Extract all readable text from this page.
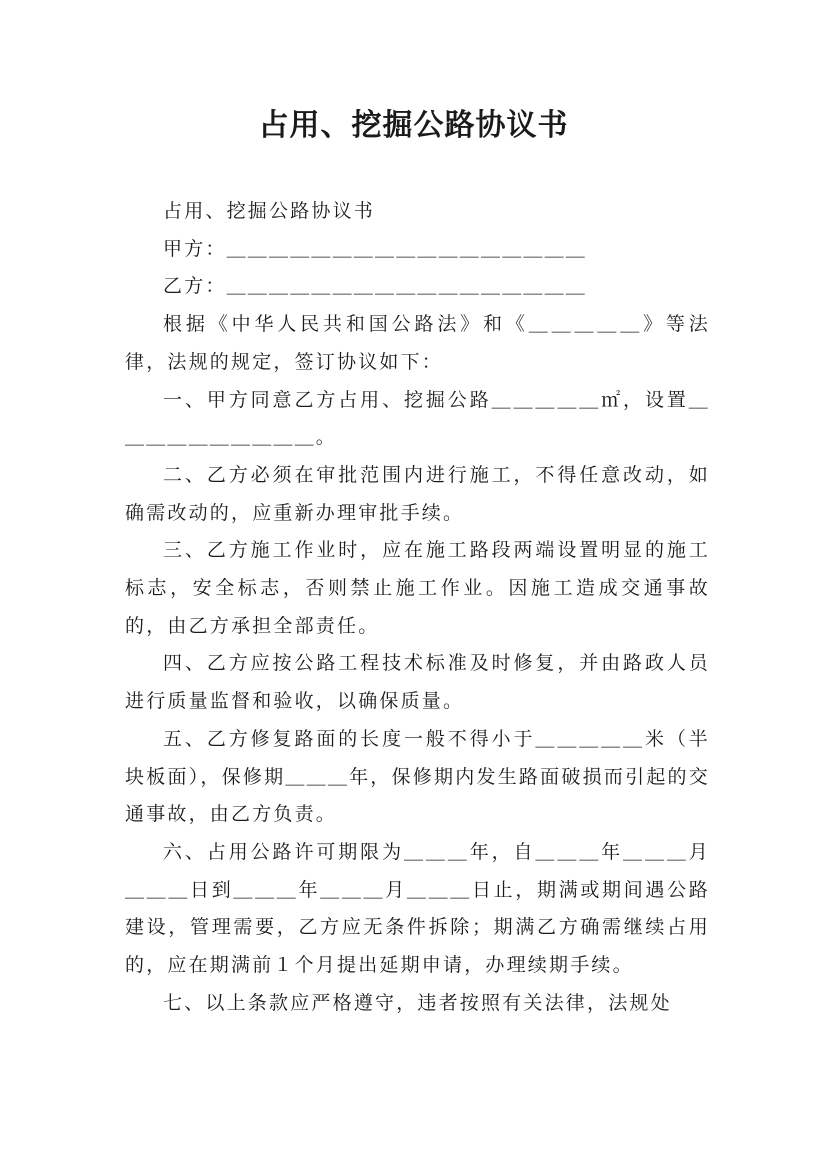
占用、挖掘公路协议书

占用、挖掘公路协议书

甲方：＿＿＿＿＿＿＿＿＿＿＿＿＿＿＿＿＿

乙方：＿＿＿＿＿＿＿＿＿＿＿＿＿＿＿＿＿

根据《中华人民共和国公路法》和《＿＿＿＿＿》等法律，法规的规定，签订协议如下：

一、甲方同意乙方占用、挖掘公路＿＿＿＿＿㎡，设置＿＿＿＿＿＿＿＿＿＿。

二、乙方必须在审批范围内进行施工，不得任意改动，如确需改动的，应重新办理审批手续。

三、乙方施工作业时，应在施工路段两端设置明显的施工标志，安全标志，否则禁止施工作业。因施工造成交通事故的，由乙方承担全部责任。

四、乙方应按公路工程技术标准及时修复，并由路政人员进行质量监督和验收，以确保质量。

五、乙方修复路面的长度一般不得小于＿＿＿＿＿米（半块板面），保修期＿＿＿年，保修期内发生路面破损而引起的交通事故，由乙方负责。

六、占用公路许可期限为＿＿＿年，自＿＿＿年＿＿＿月＿＿＿日到＿＿＿年＿＿＿月＿＿＿日止，期满或期间遇公路建设，管理需要，乙方应无条件拆除；期满乙方确需继续占用的，应在期满前１个月提出延期申请，办理续期手续。

七、以上条款应严格遵守，违者按照有关法律，法规处
